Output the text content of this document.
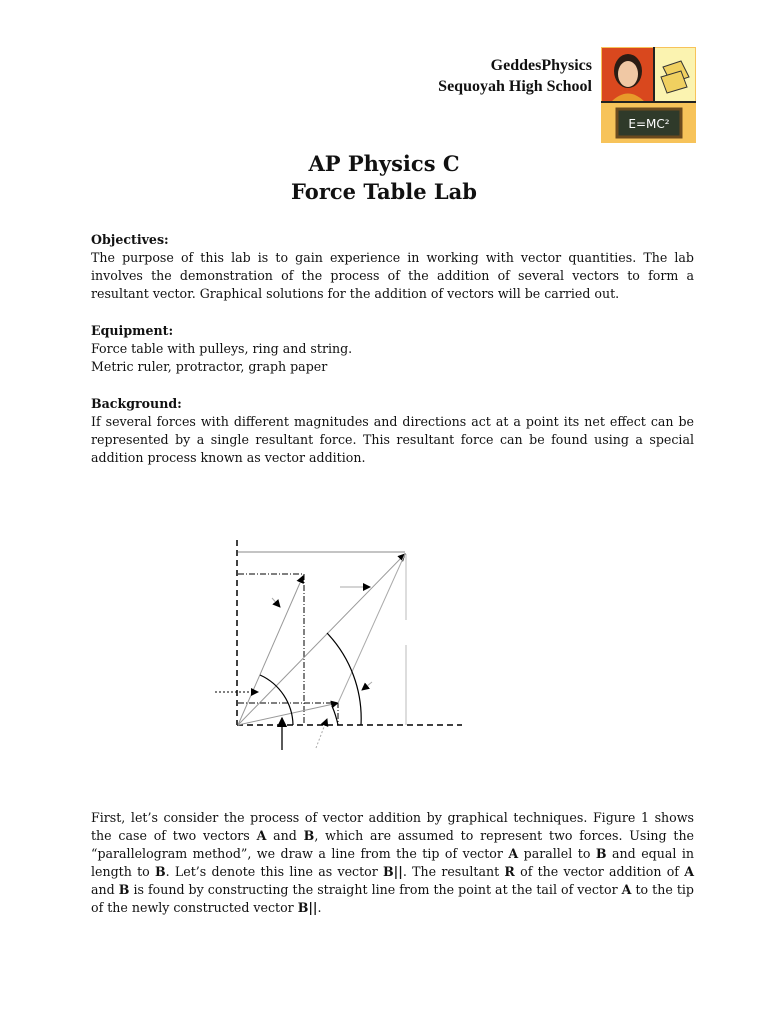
GeddesPhysics
Sequoyah High School
E=MC²
AP Physics C
Force Table Lab
Objectives:

The purpose of this lab is to gain experience in working with vector quantities. The lab involves the demonstration of the process of the addition of several vectors to form a resultant vector. Graphical solutions for the addition of vectors will be carried out.

Equipment:

Force table with pulleys, ring and string.

Metric ruler, protractor, graph paper

Background:

If several forces with different magnitudes and directions act at a point its net effect can be represented by a single resultant force. This resultant force can be found using a special addition process known as vector addition.

First, let’s consider the process of vector addition by graphical techniques. Figure 1 shows the case of two vectors A and B, which are assumed to represent two forces. Using the “parallelogram method”, we draw a line from the tip of vector A parallel to B and equal in length to B. Let’s denote this line as vector B||. The resultant R of the vector addition of A and B is found by constructing the straight line from the point at the tail of vector A to the tip of the newly constructed vector B||.
